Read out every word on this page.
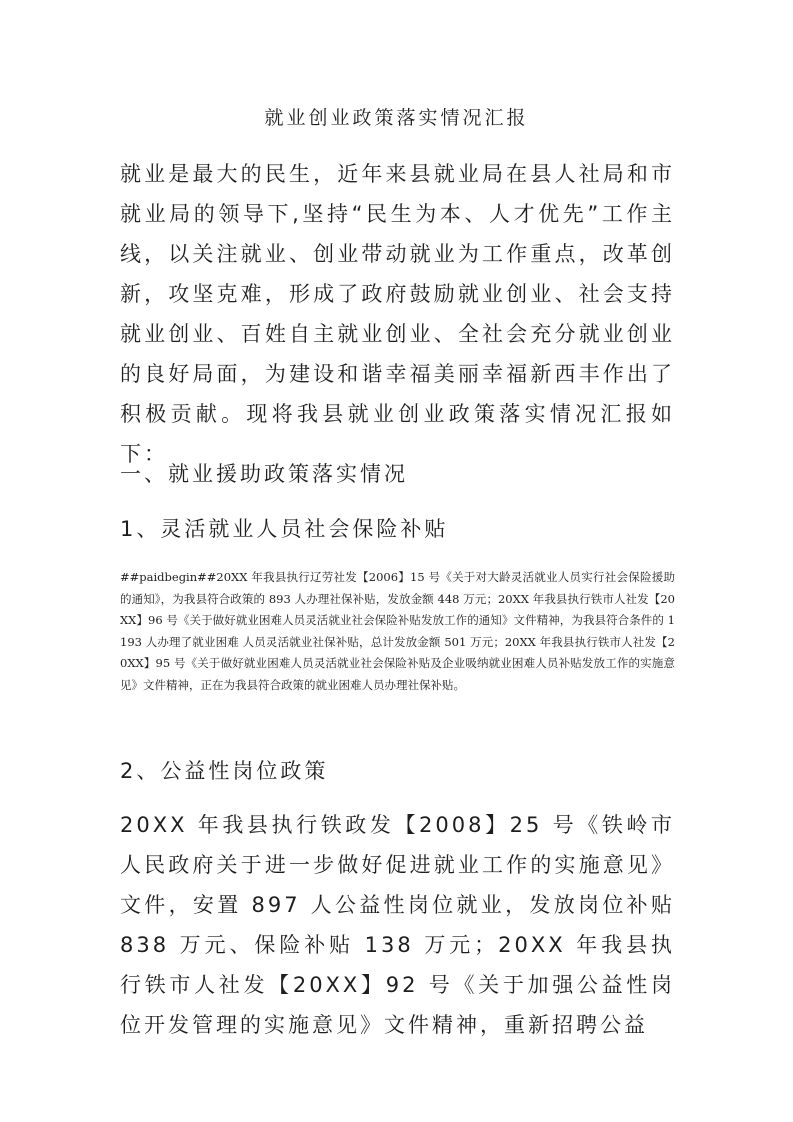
就业创业政策落实情况汇报

就业是最大的民生，近年来县就业局在县人社局和市就业局的领导下,坚持“民生为本、人才优先”工作主线，以关注就业、创业带动就业为工作重点，改革创新，攻坚克难，形成了政府鼓励就业创业、社会支持就业创业、百姓自主就业创业、全社会充分就业创业的良好局面，为建设和谐幸福美丽幸福新西丰作出了积极贡献。现将我县就业创业政策落实情况汇报如下：

一、就业援助政策落实情况

1、灵活就业人员社会保险补贴

##paidbegin##20XX 年我县执行辽劳社发【2006】15 号《关于对大龄灵活就业人员实行社会保险援助的通知》，为我县符合政策的 893 人办理社保补贴，发放金额 448 万元；20XX 年我县执行铁市人社发【20XX】96 号《关于做好就业困难人员灵活就业社会保险补贴发放工作的通知》文件精神，为我县符合条件的 1193 人办理了就业困难 人员灵活就业社保补贴，总计发放金额 501 万元；20XX 年我县执行铁市人社发【20XX】95 号《关于做好就业困难人员灵活就业社会保险补贴及企业吸纳就业困难人员补贴发放工作的实施意见》文件精神，正在为我县符合政策的就业困难人员办理社保补贴。

2、公益性岗位政策

20XX 年我县执行铁政发【2008】25 号《铁岭市人民政府关于进一步做好促进就业工作的实施意见》文件，安置 897 人公益性岗位就业，发放岗位补贴 838 万元、保险补贴 138 万元；20XX 年我县执行铁市人社发【20XX】92 号《关于加强公益性岗位开发管理的实施意见》文件精神，重新招聘公益
